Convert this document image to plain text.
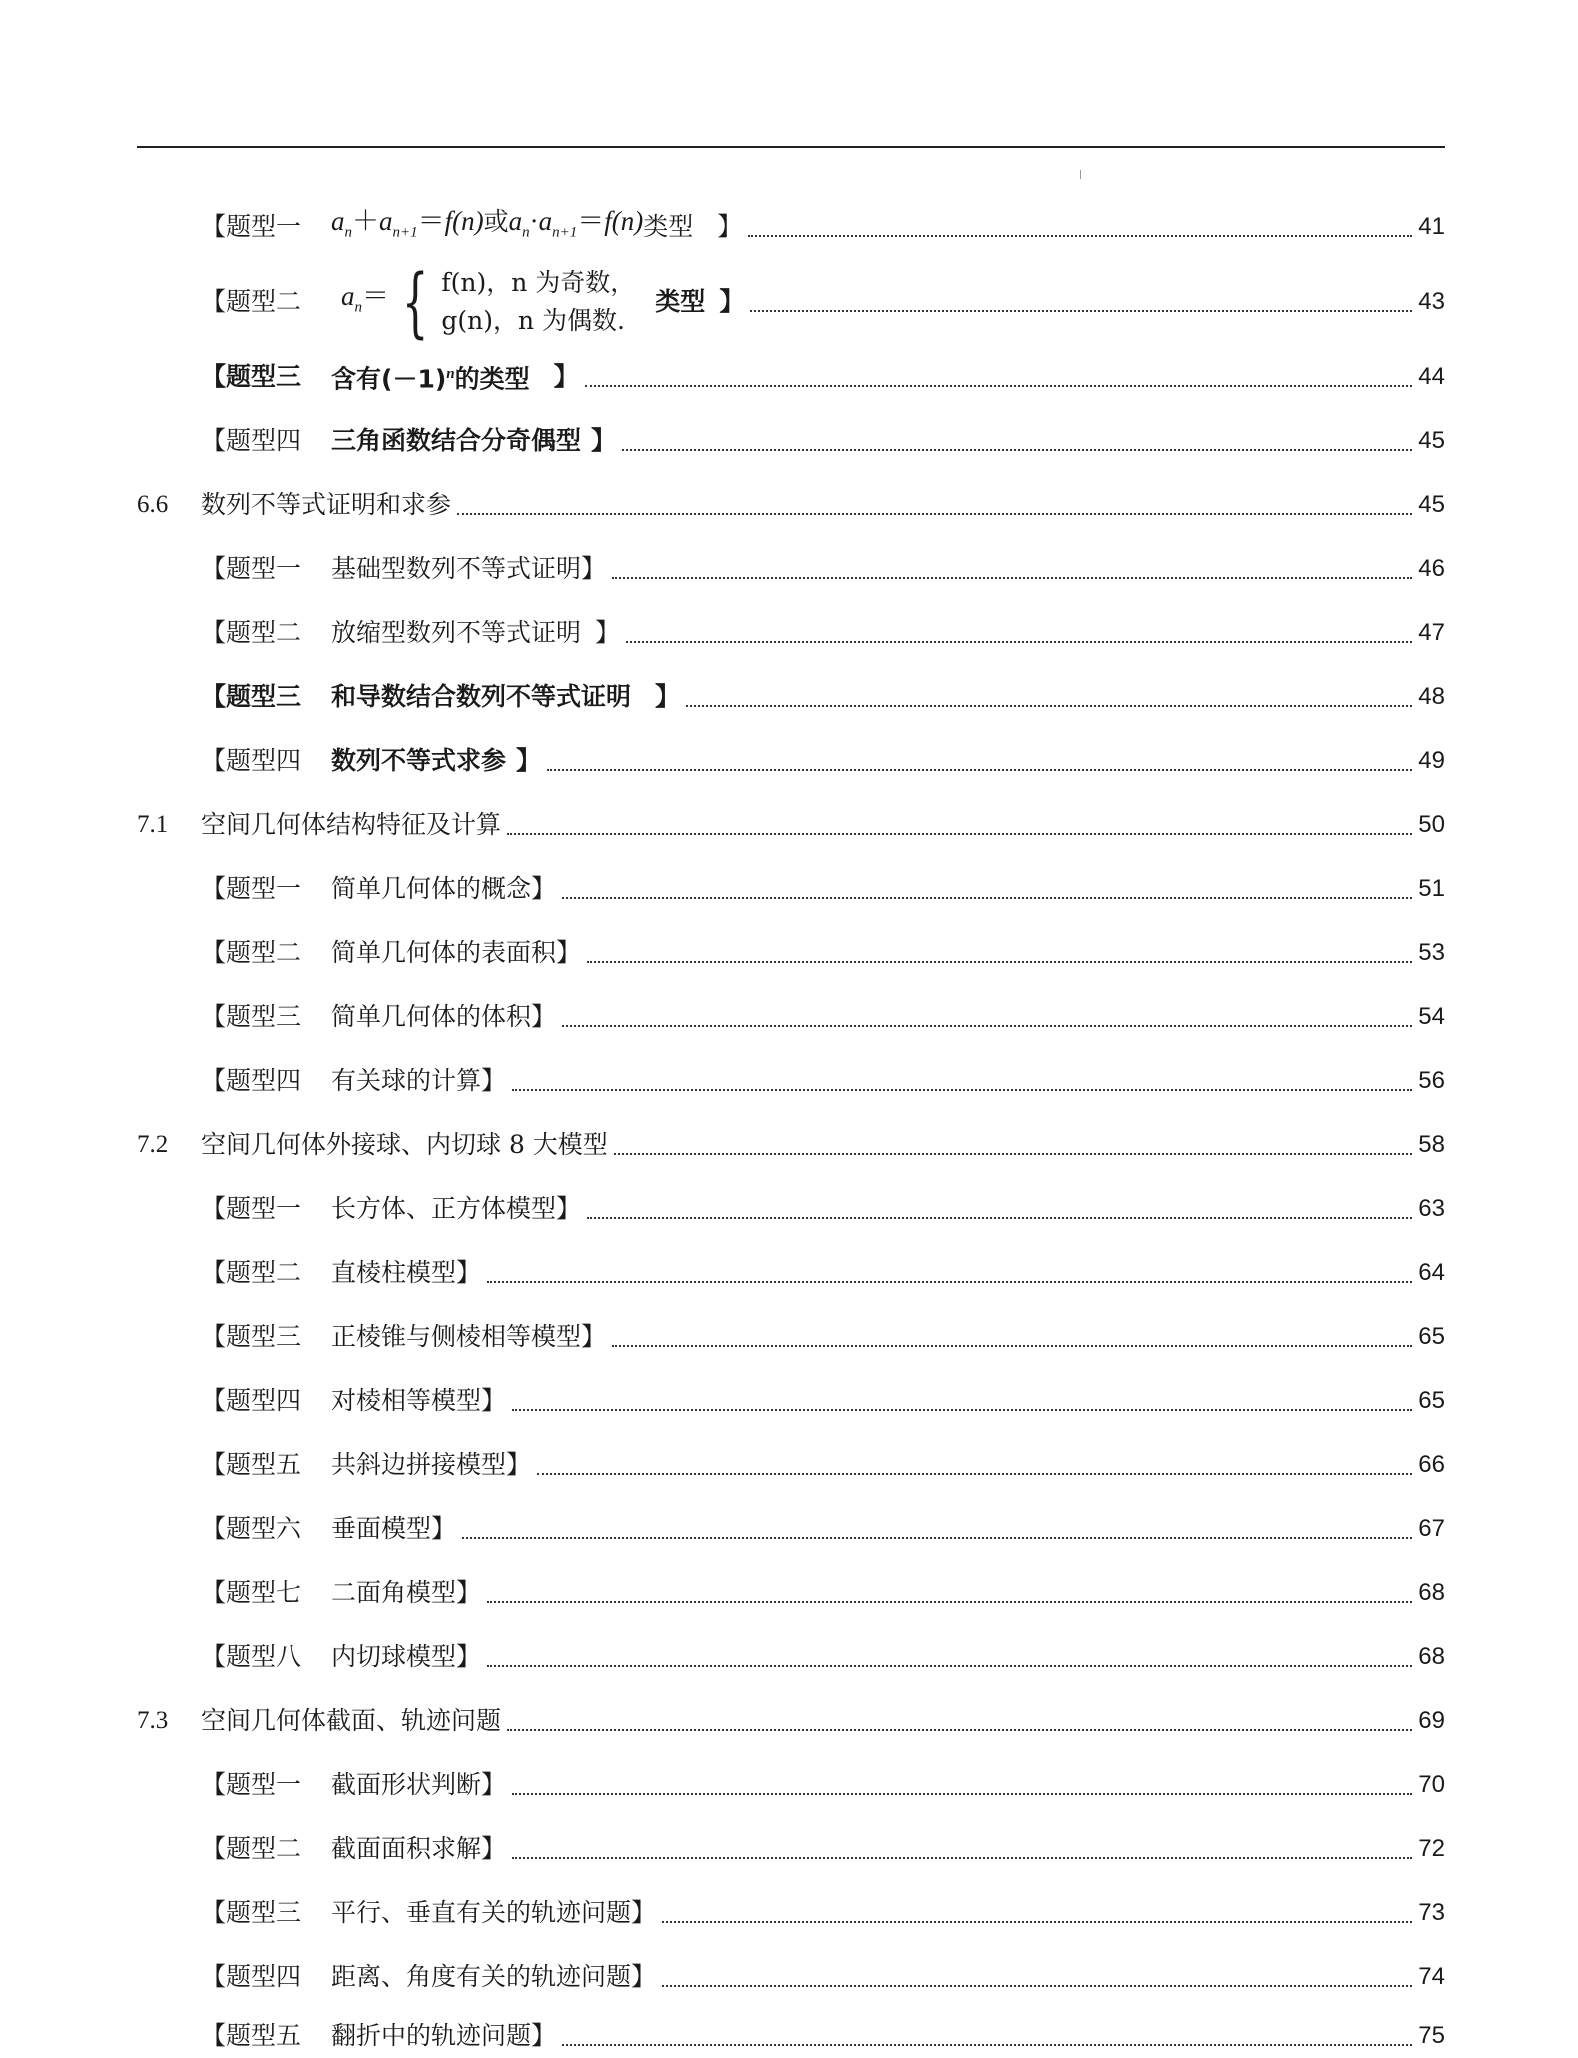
【题型一 $a_n+a_{n+1}=f(n)$或$a_n\cdot a_{n+1}=f(n)$ 类型 】	41
【题型二 $a_n=$ { f(n)，n 为奇数，
g(n)，n 为偶数.
类型 】	43
【题型三 含有$(-1)^n$的类型 】	44
【题型四 三角函数结合分奇偶型 】	45
6.6	数列不等式证明和求参	45
【题型一 基础型数列不等式证明 】	46
【题型二 放缩型数列不等式证明 】	47
【题型三 和导数结合数列不等式证明 】	48
【题型四 数列不等式求参 】	49
7.1	空间几何体结构特征及计算	50
【题型一 简单几何体的概念 】	51
【题型二 简单几何体的表面积 】	53
【题型三 简单几何体的体积 】	54
【题型四 有关球的计算 】	56
7.2	空间几何体外接球、内切球 8 大模型	58
【题型一 长方体、正方体模型 】	63
【题型二 直棱柱模型 】	64
【题型三 正棱锥与侧棱相等模型 】	65
【题型四 对棱相等模型 】	65
【题型五 共斜边拼接模型 】	66
【题型六 垂面模型 】	67
【题型七 二面角模型 】	68
【题型八 内切球模型 】	68
7.3	空间几何体截面、轨迹问题	69
【题型一 截面形状判断 】	70
【题型二 截面面积求解 】	72
【题型三 平行、垂直有关的轨迹问题 】	73
【题型四 距离、角度有关的轨迹问题 】	74
【题型五 翻折中的轨迹问题 】	75
